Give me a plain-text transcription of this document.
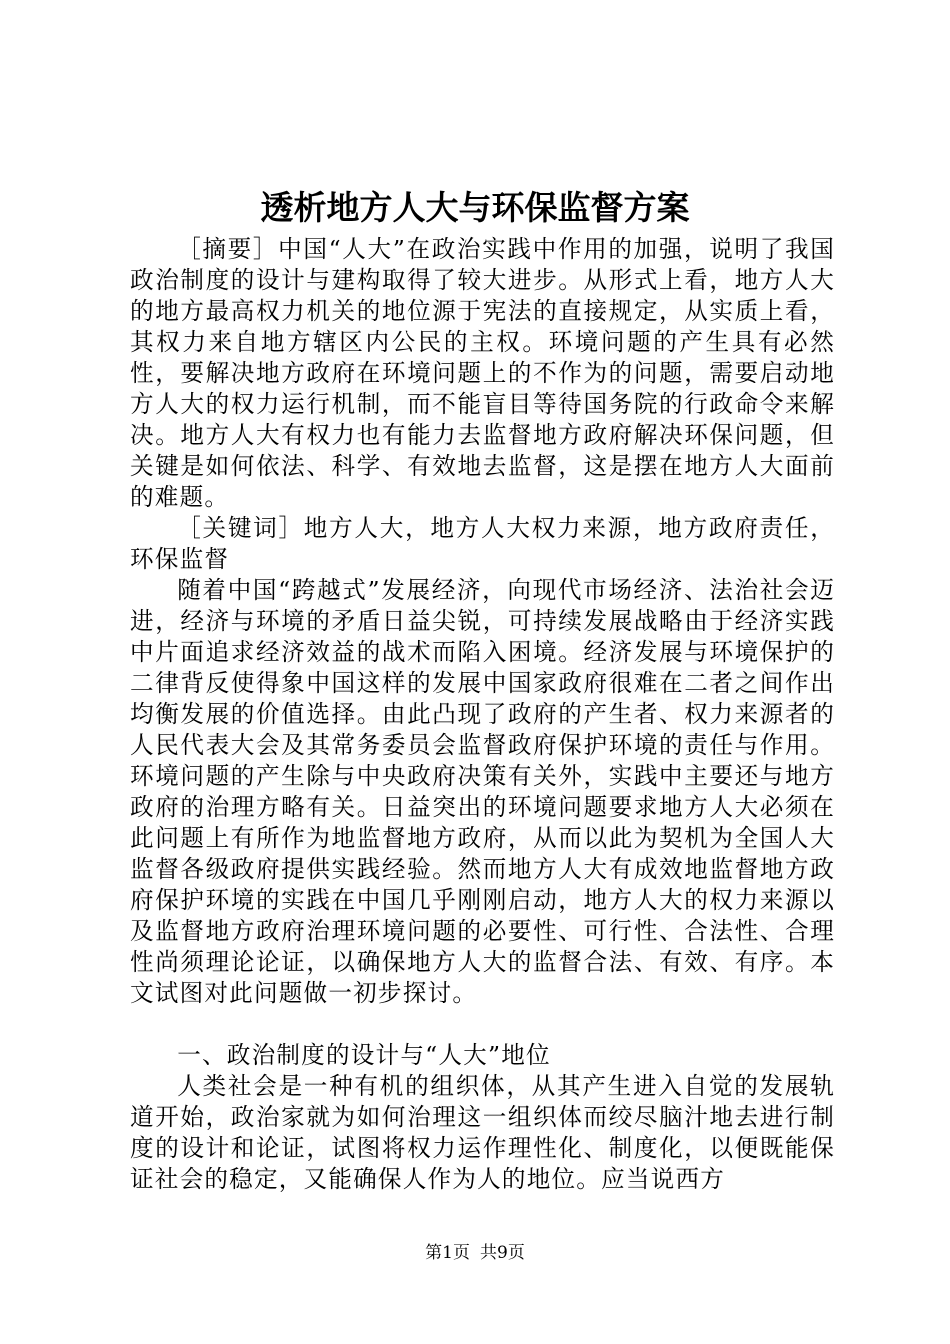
透析地方人大与环保监督方案

［摘要］中国“人大”在政治实践中作用的加强，说明了我国政治制度的设计与建构取得了较大进步。从形式上看，地方人大的地方最高权力机关的地位源于宪法的直接规定，从实质上看，其权力来自地方辖区内公民的主权。环境问题的产生具有必然性，要解决地方政府在环境问题上的不作为的问题，需要启动地方人大的权力运行机制，而不能盲目等待国务院的行政命令来解决。地方人大有权力也有能力去监督地方政府解决环保问题，但关键是如何依法、科学、有效地去监督，这是摆在地方人大面前的难题。

［关键词］地方人大，地方人大权力来源，地方政府责任，环保监督

随着中国“跨越式”发展经济，向现代市场经济、法治社会迈进，经济与环境的矛盾日益尖锐，可持续发展战略由于经济实践中片面追求经济效益的战术而陷入困境。经济发展与环境保护的二律背反使得象中国这样的发展中国家政府很难在二者之间作出均衡发展的价值选择。由此凸现了政府的产生者、权力来源者的人民代表大会及其常务委员会监督政府保护环境的责任与作用。环境问题的产生除与中央政府决策有关外，实践中主要还与地方政府的治理方略有关。日益突出的环境问题要求地方人大必须在此问题上有所作为地监督地方政府，从而以此为契机为全国人大监督各级政府提供实践经验。然而地方人大有成效地监督地方政府保护环境的实践在中国几乎刚刚启动，地方人大的权力来源以及监督地方政府治理环境问题的必要性、可行性、合法性、合理性尚须理论论证，以确保地方人大的监督合法、有效、有序。本文试图对此问题做一初步探讨。

一、政治制度的设计与“人大”地位

人类社会是一种有机的组织体，从其产生进入自觉的发展轨道开始，政治家就为如何治理这一组织体而绞尽脑汁地去进行制度的设计和论证，试图将权力运作理性化、制度化，以便既能保证社会的稳定，又能确保人作为人的地位。应当说西方

第1页 共9页
